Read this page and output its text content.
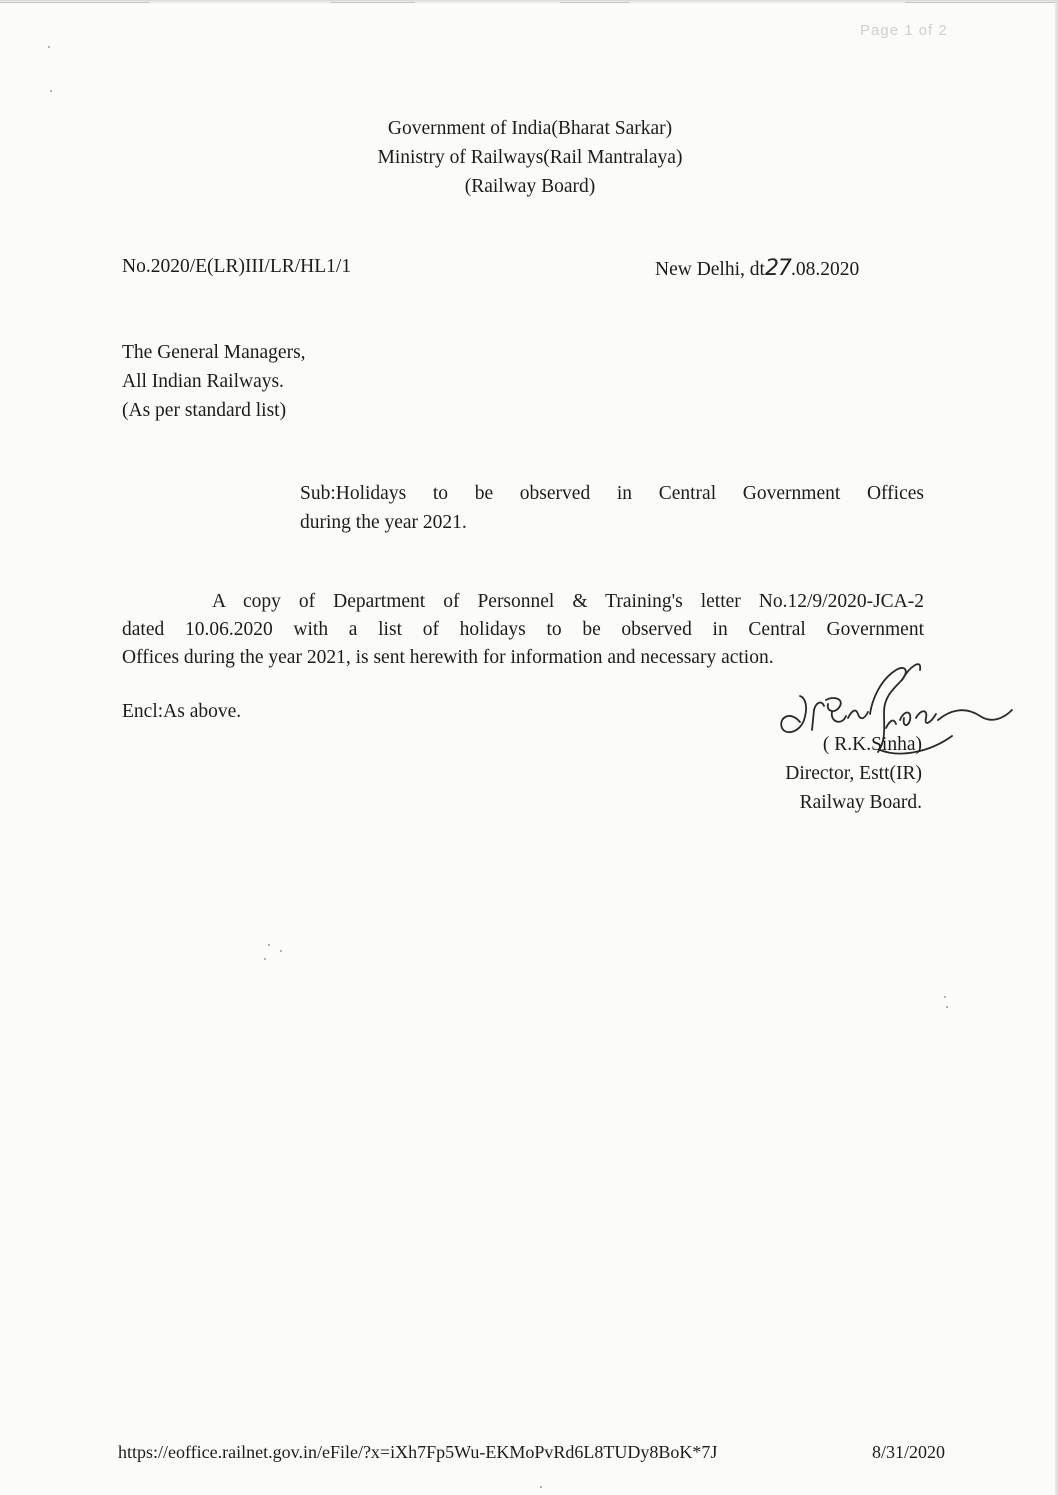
Page 1 of 2
Government of India(Bharat Sarkar)
Ministry of Railways(Rail Mantralaya)
(Railway Board)
No.2020/E(LR)III/LR/HL1/1	New Delhi, dt27.08.2020
The General Managers,
All Indian Railways.
(As per standard list)
Sub:Holidays to be observed in Central Government Offices
during the year 2021.
A copy of Department of Personnel & Training's letter No.12/9/2020-JCA-2
dated 10.06.2020 with a list of holidays to be observed in Central Government
Offices during the year 2021, is sent herewith for information and necessary action.
Encl:As above.
( R.K.Sinha)
Director, Estt(IR)
Railway Board.
https://eoffice.railnet.gov.in/eFile/?x=iXh7Fp5Wu-EKMoPvRd6L8TUDy8BoK*7J	8/31/2020
